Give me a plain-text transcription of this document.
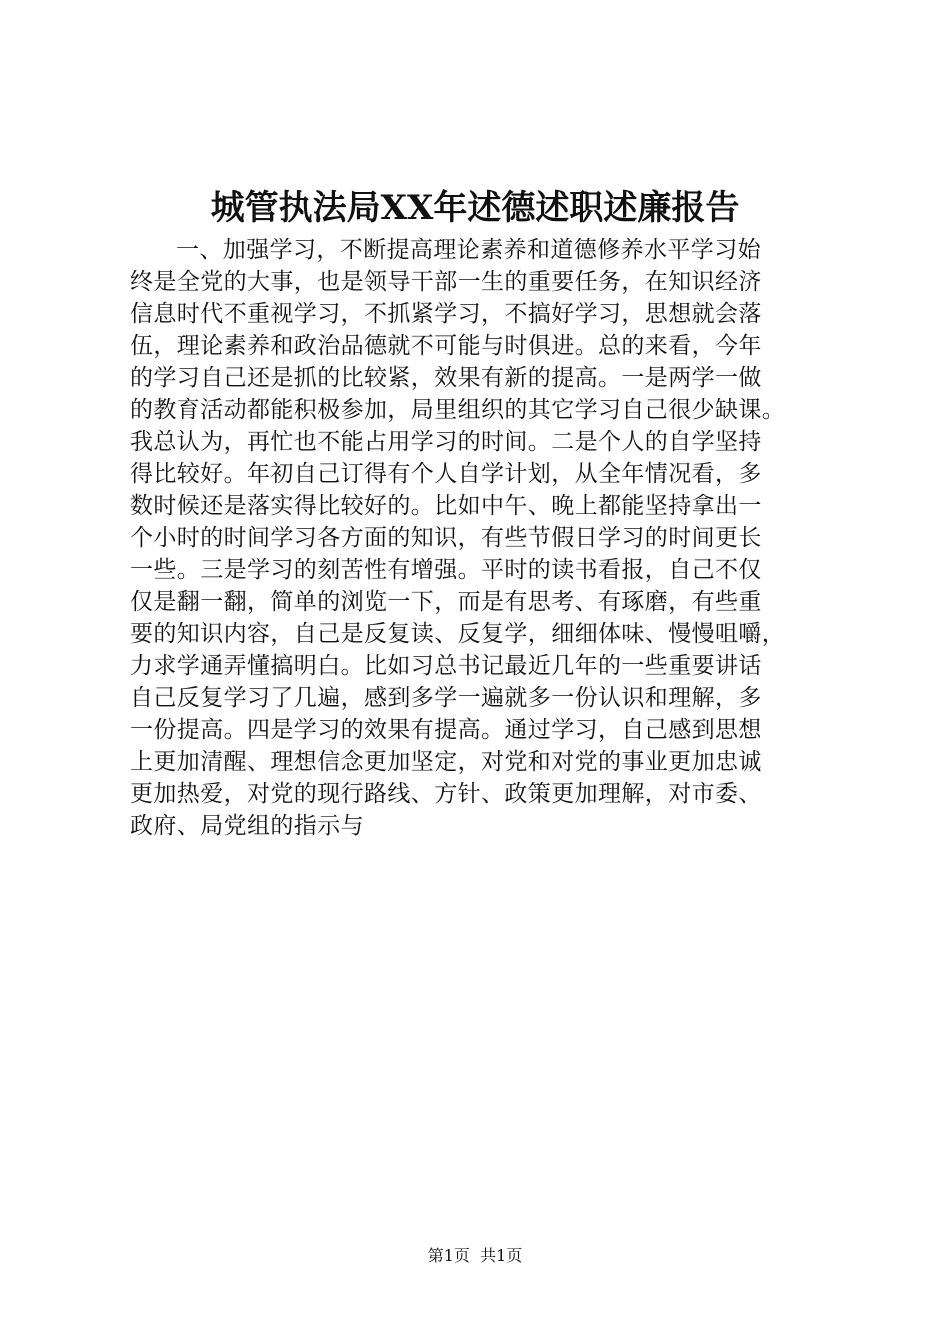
城管执法局XX年述德述职述廉报告
一、加强学习，不断提高理论素养和道德修养水平学习始
终是全党的大事，也是领导干部一生的重要任务，在知识经济
信息时代不重视学习，不抓紧学习，不搞好学习，思想就会落
伍，理论素养和政治品德就不可能与时俱进。总的来看，今年
的学习自己还是抓的比较紧，效果有新的提高。一是两学一做
的教育活动都能积极参加，局里组织的其它学习自己很少缺课。
我总认为，再忙也不能占用学习的时间。二是个人的自学坚持
得比较好。年初自己订得有个人自学计划，从全年情况看，多
数时候还是落实得比较好的。比如中午、晚上都能坚持拿出一
个小时的时间学习各方面的知识，有些节假日学习的时间更长
一些。三是学习的刻苦性有增强。平时的读书看报，自己不仅
仅是翻一翻，简单的浏览一下，而是有思考、有琢磨，有些重
要的知识内容，自己是反复读、反复学，细细体味、慢慢咀嚼，
力求学通弄懂搞明白。比如习总书记最近几年的一些重要讲话
自己反复学习了几遍，感到多学一遍就多一份认识和理解，多
一份提高。四是学习的效果有提高。通过学习，自己感到思想
上更加清醒、理想信念更加坚定，对党和对党的事业更加忠诚
更加热爱，对党的现行路线、方针、政策更加理解，对市委、
政府、局党组的指示与
第1页  共1页
